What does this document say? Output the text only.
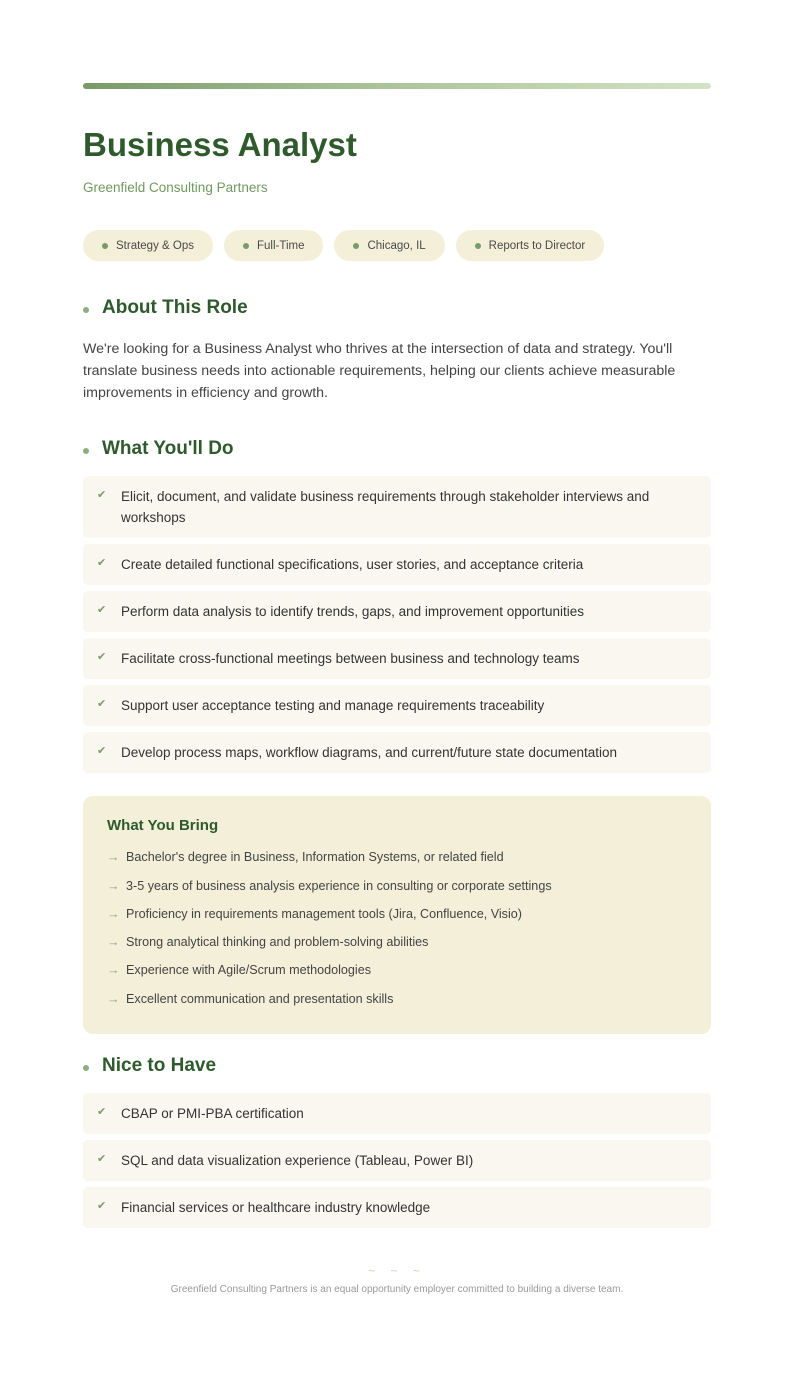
Business Analyst
Greenfield Consulting Partners
Strategy & Ops	Full-Time	Chicago, IL	Reports to Director
About This Role
We're looking for a Business Analyst who thrives at the intersection of data and strategy. You'll translate business needs into actionable requirements, helping our clients achieve measurable improvements in efficiency and growth.
What You'll Do
✔	Elicit, document, and validate business requirements through stakeholder interviews and workshops
✔	Create detailed functional specifications, user stories, and acceptance criteria
✔	Perform data analysis to identify trends, gaps, and improvement opportunities
✔	Facilitate cross-functional meetings between business and technology teams
✔	Support user acceptance testing and manage requirements traceability
✔	Develop process maps, workflow diagrams, and current/future state documentation
What You Bring
→ Bachelor's degree in Business, Information Systems, or related field
→ 3-5 years of business analysis experience in consulting or corporate settings
→ Proficiency in requirements management tools (Jira, Confluence, Visio)
→ Strong analytical thinking and problem-solving abilities
→ Experience with Agile/Scrum methodologies
→ Excellent communication and presentation skills
Nice to Have
✔	CBAP or PMI-PBA certification
✔	SQL and data visualization experience (Tableau, Power BI)
✔	Financial services or healthcare industry knowledge
~ ~ ~
Greenfield Consulting Partners is an equal opportunity employer committed to building a diverse team.
